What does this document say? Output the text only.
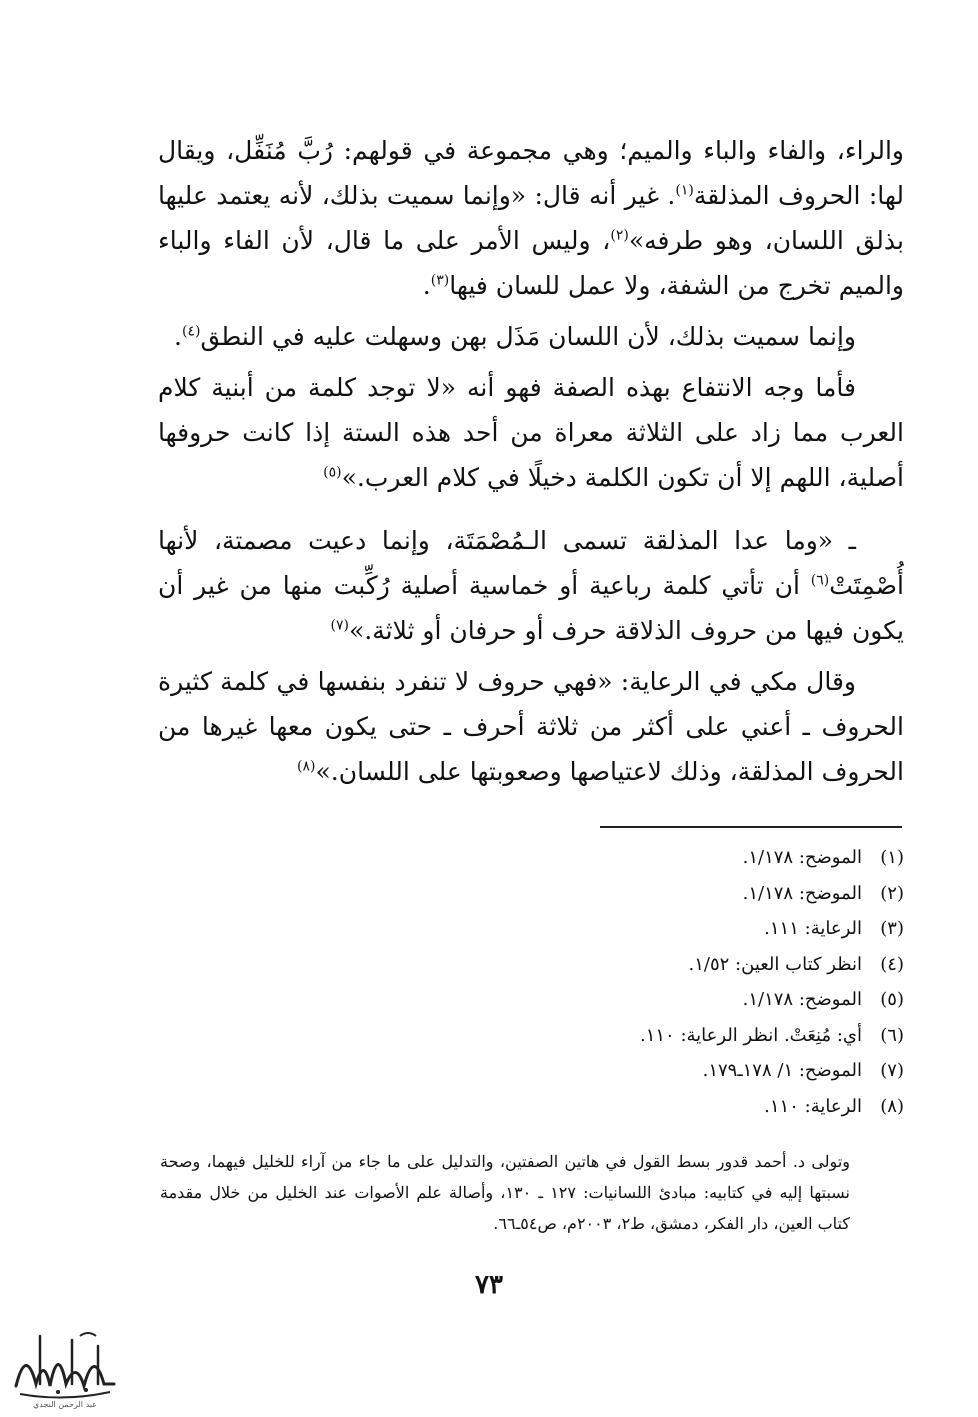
والراء، والفاء والباء والميم؛ وهي مجموعة في قولهم: رُبَّ مُنَفِّل، ويقال لها: الحروف المذلقة$^{(١)}$. غير أنه قال: «وإنما سميت بذلك، لأنه يعتمد عليها بذلق اللسان، وهو طرفه»$^{(٢)}$، وليس الأمر على ما قال، لأن الفاء والباء والميم تخرج من الشفة، ولا عمل للسان فيها$^{(٣)}$.

وإنما سميت بذلك، لأن اللسان مَذَل بهن وسهلت عليه في النطق$^{(٤)}$.

فأما وجه الانتفاع بهذه الصفة فهو أنه «لا توجد كلمة من أبنية كلام العرب مما زاد على الثلاثة معراة من أحد هذه الستة إذا كانت حروفها أصلية، اللهم إلا أن تكون الكلمة دخيلًا في كلام العرب.»$^{(٥)}$

ـ «وما عدا المذلقة تسمى الـمُصْمَتَة، وإنما دعيت مصمتة، لأنها أُصْمِتَتْ$^{(٦)}$ أن تأتي كلمة رباعية أو خماسية أصلية رُكِّبت منها من غير أن يكون فيها من حروف الذلاقة حرف أو حرفان أو ثلاثة.»$^{(٧)}$

وقال مكي في الرعاية: «فهي حروف لا تنفرد بنفسها في كلمة كثيرة الحروف ـ أعني على أكثر من ثلاثة أحرف ـ حتى يكون معها غيرها من الحروف المذلقة، وذلك لاعتياصها وصعوبتها على اللسان.»$^{(٨)}$

(١)الموضح: ١/١٧٨.
(٢)الموضح: ١/١٧٨.
(٣)الرعاية: ١١١.
(٤)انظر كتاب العين: ١/٥٢.
(٥)الموضح: ١/١٧٨.
(٦)أي: مُنِعَتْ. انظر الرعاية: ١١٠.
(٧)الموضح: ١/ ١٧٨ـ١٧٩.
(٨)الرعاية: ١١٠.
وتولى د. أحمد قدور بسط القول في هاتين الصفتين، والتدليل على ما جاء من آراء للخليل فيهما، وصحة نسبتها إليه في كتابيه: مبادئ اللسانيات: ١٢٧ ـ ١٣٠، وأصالة علم الأصوات عند الخليل من خلال مقدمة كتاب العين، دار الفكر، دمشق، ط٢، ٢٠٠٣م، ص٥٤ـ٦٦.
٧٣
عبد الرحمن النجدي
